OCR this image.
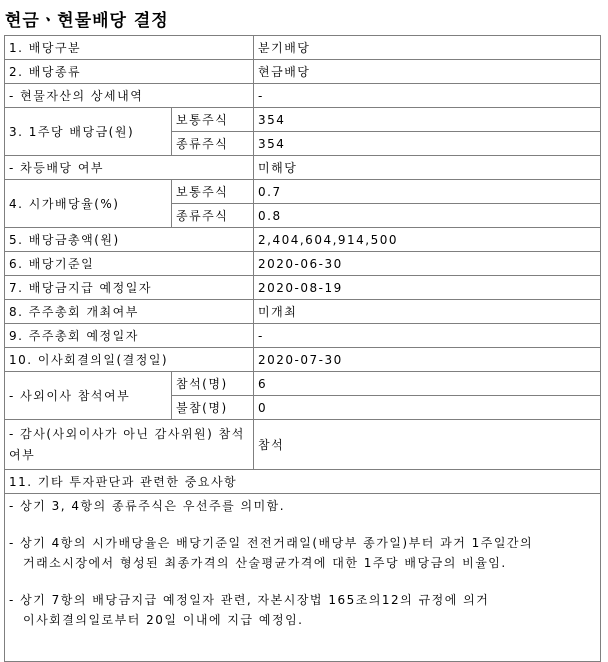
현금ㆍ현물배당 결정
1. 배당구분		분기배당
2. 배당종류		현금배당
- 현물자산의 상세내역		-
3. 1주당 배당금(원)	보통주식	354
	종류주식	354
- 차등배당 여부		미해당
4. 시가배당율(%)	보통주식	0.7
	종류주식	0.8
5. 배당금총액(원)		2,404,604,914,500
6. 배당기준일		2020-06-30
7. 배당금지급 예정일자		2020-08-19
8. 주주총회 개최여부		미개최
9. 주주총회 예정일자		-
10. 이사회결의일(결정일)		2020-07-30
- 사외이사 참석여부	참석(명)	6
	불참(명)	0
- 감사(사외이사가 아닌 감사위원) 참석여부		참석
11. 기타 투자판단과 관련한 중요사항		

- 상기 3, 4항의 종류주식은 우선주를 의미함.
- 상기 4항의 시가배당율은 배당기준일 전전거래일(배당부 종가일)부터 과거 1주일간의
거래소시장에서 형성된 최종가격의 산술평균가격에 대한 1주당 배당금의 비율임.
- 상기 7항의 배당금지급 예정일자 관련, 자본시장법 165조의12의 규정에 의거
이사회결의일로부터 20일 이내에 지급 예정임.		
